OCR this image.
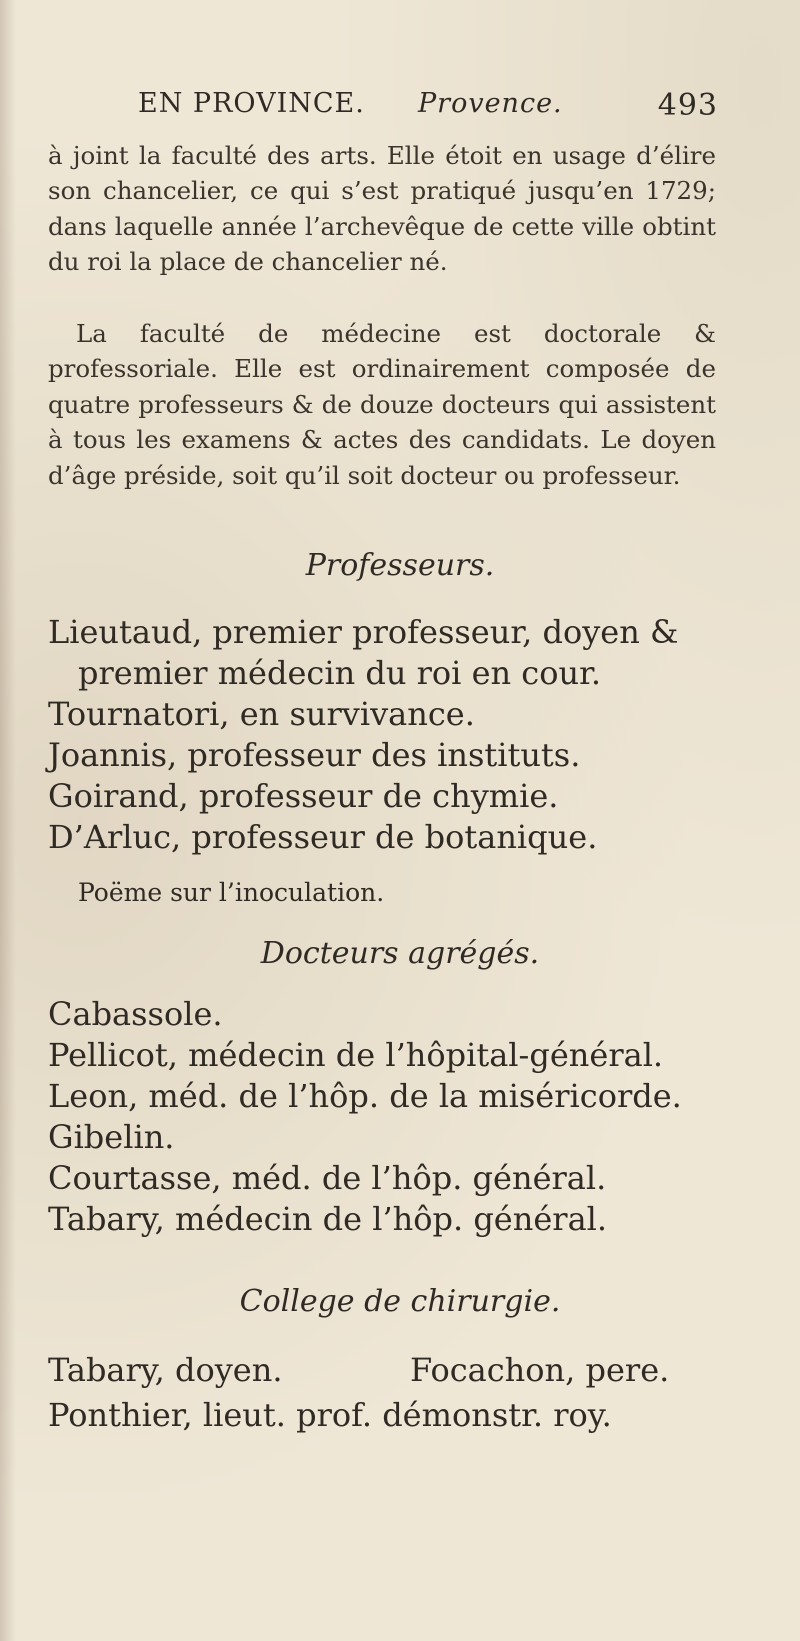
EN PROVINCE. Provence.	493
à joint la faculté des arts. Elle étoit en usage d’élire son chancelier, ce qui s’est pratiqué jusqu’en 1729; dans laquelle année l’archevêque de cette ville obtint du roi la place de chancelier né.
La faculté de médecine est doctorale & professoriale. Elle est ordinairement composée de quatre professeurs & de douze docteurs qui assistent à tous les examens & actes des candidats. Le doyen d’âge préside, soit qu’il soit docteur ou professeur.
Professeurs.
Lieutaud, premier professeur, doyen &
premier médecin du roi en cour.
Tournatori, en survivance.
Joannis, professeur des instituts.
Goirand, professeur de chymie.
D’Arluc, professeur de botanique.
Poëme sur l’inoculation.
Docteurs agrégés.
Cabassole.
Pellicot, médecin de l’hôpital-général.
Leon, méd. de l’hôp. de la miséricorde.
Gibelin.
Courtasse, méd. de l’hôp. général.
Tabary, médecin de l’hôp. général.
College de chirurgie.
Tabary, doyen.	Focachon, pere.
Ponthier, lieut. prof. démonstr. roy.
